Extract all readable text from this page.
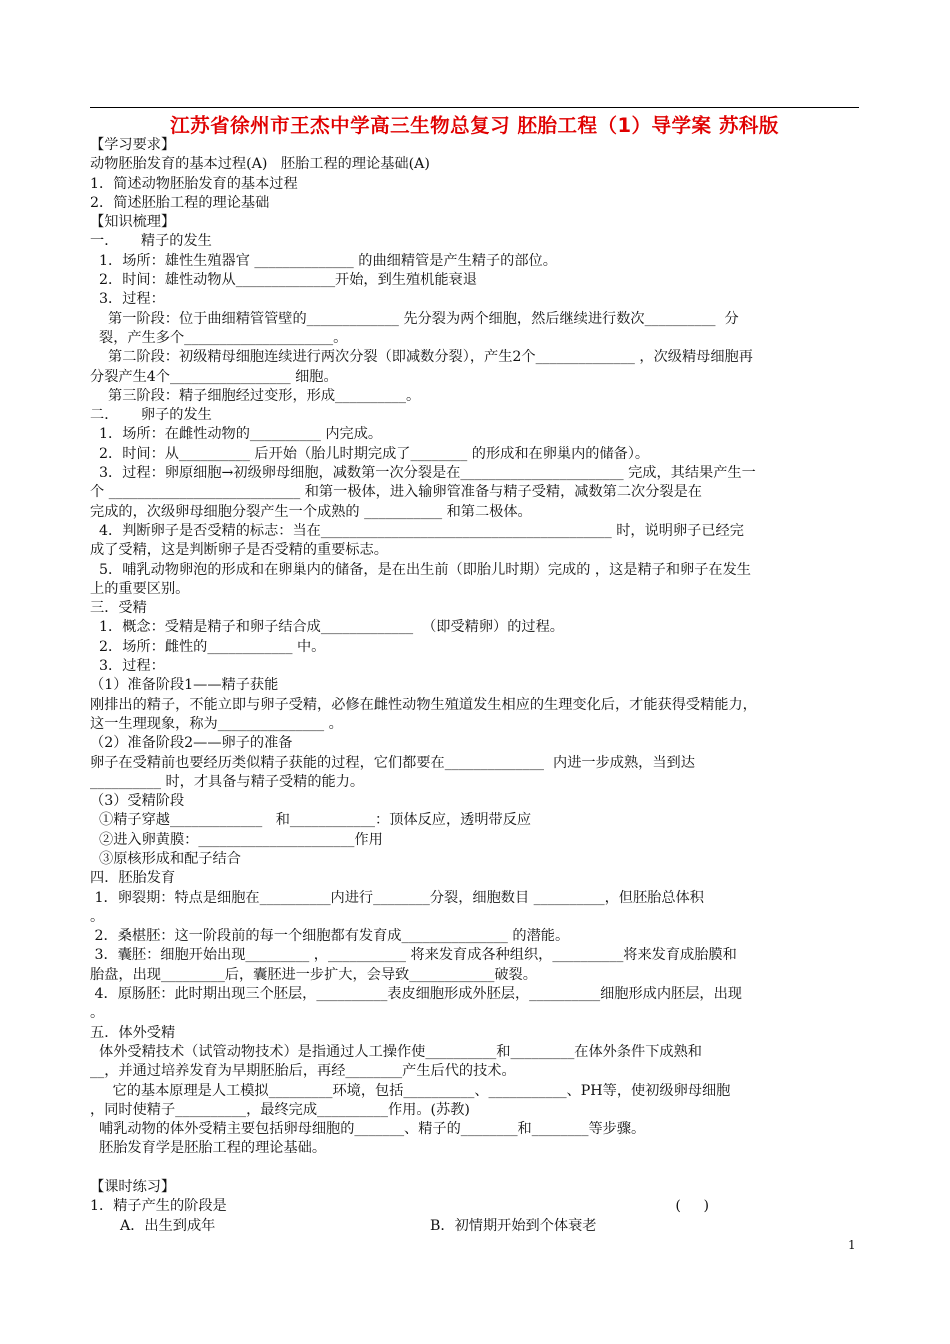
江苏省徐州市王杰中学高三生物总复习 胚胎工程（1）导学案 苏科版
【学习要求】
动物胚胎发育的基本过程(A)   胚胎工程的理论基础(A)
1．简述动物胚胎发育的基本过程
2．简述胚胎工程的理论基础
【知识梳理】
一．     精子的发生
1．场所：雄性生殖器官 ______________ 的曲细精管是产生精子的部位。
2．时间：雄性动物从______________开始，到生殖机能衰退
3．过程：
第一阶段：位于曲细精管管壁的_____________ 先分裂为两个细胞，然后继续进行数次__________  分
裂，产生多个_____________________。
第二阶段：初级精母细胞连续进行两次分裂（即减数分裂），产生2个______________ ，次级精母细胞再
分裂产生4个_________________ 细胞。
第三阶段：精子细胞经过变形，形成__________。
二．     卵子的发生
1．场所：在雌性动物的__________ 内完成。
2．时间：从__________ 后开始（胎儿时期完成了________ 的形成和在卵巢内的储备）。
3．过程：卵原细胞→初级卵母细胞，减数第一次分裂是在_______________________ 完成，其结果产生一
个 ___________________________ 和第一极体，进入输卵管准备与精子受精，减数第二次分裂是在
完成的，次级卵母细胞分裂产生一个成熟的 ___________ 和第二极体。
4．判断卵子是否受精的标志：当在_________________________________________ 时，说明卵子已经完
成了受精，这是判断卵子是否受精的重要标志。
5．哺乳动物卵泡的形成和在卵巢内的储备，是在出生前（即胎儿时期）完成的 ，这是精子和卵子在发生
上的重要区别。
三．受精
1．概念：受精是精子和卵子结合成_____________  （即受精卵）的过程。
2．场所：雌性的____________ 中。
3．过程：
（1）准备阶段1——精子获能
刚排出的精子，不能立即与卵子受精，必修在雌性动物生殖道发生相应的生理变化后，才能获得受精能力，
这一生理现象，称为_______________ 。
（2）准备阶段2——卵子的准备
卵子在受精前也要经历类似精子获能的过程，它们都要在______________  内进一步成熟，当到达
__________ 时，才具备与精子受精的能力。
（3）受精阶段
①精子穿越_____________   和____________：顶体反应，透明带反应
②进入卵黄膜：______________________作用
③原核形成和配子结合
四．胚胎发育
1．卵裂期：特点是细胞在__________内进行________分裂，细胞数目 __________，但胚胎总体积
。
2．桑椹胚：这一阶段前的每一个细胞都有发育成_______________ 的潜能。
3．囊胚：细胞开始出现_________ ，___________ 将来发育成各种组织，__________将来发育成胎膜和
胎盘，出现_________后，囊胚进一步扩大，会导致____________破裂。
4．原肠胚：此时期出现三个胚层，__________表皮细胞形成外胚层，__________细胞形成内胚层，出现
。
五．体外受精
体外受精技术（试管动物技术）是指通过人工操作使__________和_________在体外条件下成熟和
__，并通过培养发育为早期胚胎后，再经________产生后代的技术。
它的基本原理是人工模拟_________环境，包括__________、___________、PH等，使初级卵母细胞
，同时使精子__________，最终完成__________作用。(苏教)
哺乳动物的体外受精主要包括卵母细胞的_______、精子的________和________等步骤。
胚胎发育学是胚胎工程的理论基础。
【课时练习】
1．精子产生的阶段是	(     )
A．出生到成年	B．初情期开始到个体衰老
1
